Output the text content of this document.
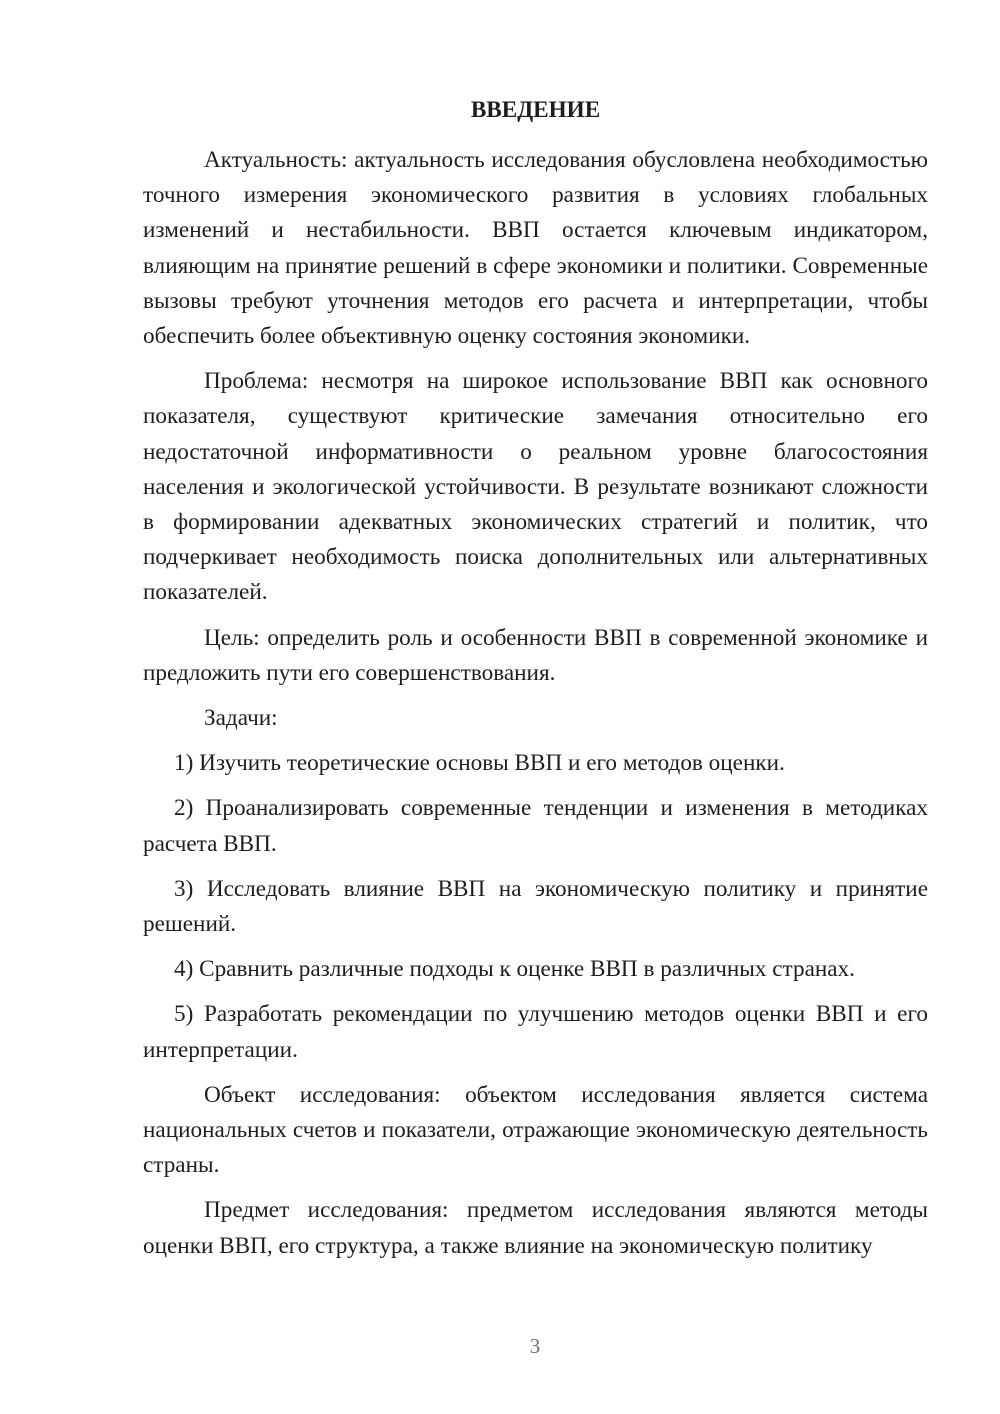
ВВЕДЕНИЕ

Актуальность: актуальность исследования обусловлена необходимостью точного измерения экономического развития в условиях глобальных изменений и нестабильности. ВВП остается ключевым индикатором, влияющим на принятие решений в сфере экономики и политики. Современные вызовы требуют уточнения методов его расчета и интерпретации, чтобы обеспечить более объективную оценку состояния экономики.

Проблема: несмотря на широкое использование ВВП как основного показателя, существуют критические замечания относительно его недостаточной информативности о реальном уровне благосостояния населения и экологической устойчивости. В результате возникают сложности в формировании адекватных экономических стратегий и политик, что подчеркивает необходимость поиска дополнительных или альтернативных показателей.

Цель: определить роль и особенности ВВП в современной экономике и предложить пути его совершенствования.

Задачи:

1) Изучить теоретические основы ВВП и его методов оценки.

2) Проанализировать современные тенденции и изменения в методиках расчета ВВП.

3) Исследовать влияние ВВП на экономическую политику и принятие решений.

4) Сравнить различные подходы к оценке ВВП в различных странах.

5) Разработать рекомендации по улучшению методов оценки ВВП и его интерпретации.

Объект исследования: объектом исследования является система национальных счетов и показатели, отражающие экономическую деятельность страны.

Предмет исследования: предметом исследования являются методы оценки ВВП, его структура, а также влияние на экономическую политику

3
